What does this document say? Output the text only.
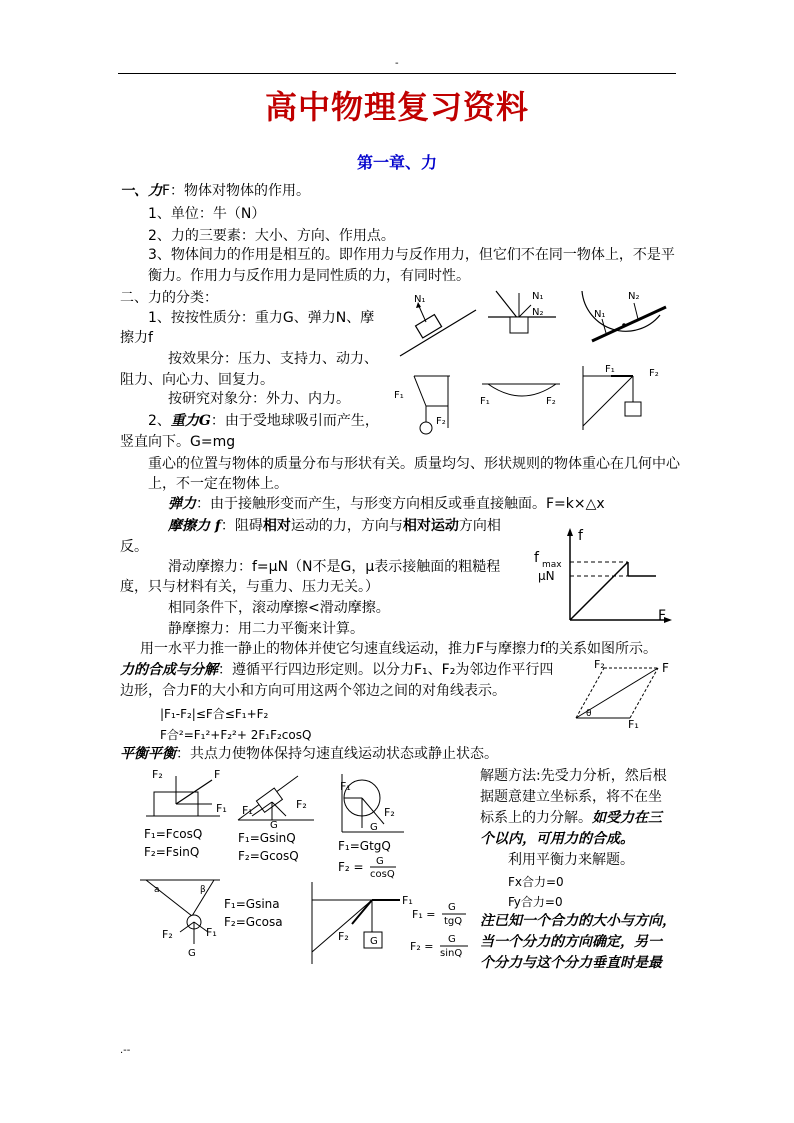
-
高中物理复习资料
第一章、力
一、力F：物体对物体的作用。
1、单位：牛（N）
2、力的三要素：大小、方向、作用点。
3、物体间力的作用是相互的。即作用力与反作用力，但它们不在同一物体上，不是平
衡力。作用力与反作用力是同性质的力，有同时性。
二、力的分类：
1、按按性质分：重力G、弹力N、摩
擦力f
按效果分：压力、支持力、动力、
阻力、向心力、回复力。
按研究对象分：外力、内力。
2、重力G：由于受地球吸引而产生，
竖直向下。G=mg
重心的位置与物体的质量分布与形状有关。质量均匀、形状规则的物体重心在几何中心
上，不一定在物体上。
弹力：由于接触形变而产生，与形变方向相反或垂直接触面。F=k×△x
摩擦力 f：阻碍相对运动的力，方向与相对运动方向相
反。
滑动摩擦力：f=μN（N不是G，μ表示接触面的粗糙程
度，只与材料有关，与重力、压力无关。）
相同条件下，滚动摩擦<滑动摩擦。
静摩擦力：用二力平衡来计算。
用一水平力推一静止的物体并使它匀速直线运动，推力F与摩擦力f的关系如图所示。
力的合成与分解：遵循平行四边形定则。以分力F₁、F₂为邻边作平行四
边形，合力F的大小和方向可用这两个邻边之间的对角线表示。
|F₁-F₂|≤F合≤F₁+F₂
F合²=F₁²+F₂²+ 2F₁F₂cosQ
平衡平衡：共点力使物体保持匀速直线运动状态或静止状态。
解题方法:先受力分析，然后根
据题意建立坐标系，将不在坐
标系上的力分解。如受力在三
个以内，可用力的合成。
利用平衡力来解题。
Fx合力=0
Fy合力=0
注已知一个合力的大小与方向，
当一个分力的方向确定，另一
个分力与这个分力垂直时是最
N₁	N₁
N₂	N₁
N₂
F₁
F₂
F₁	F₂
F₁	F₂
f
F
f max
μN
F₂	F
F₁
θ
F₂	F
F₁
F₁=FcosQ
F₂=FsinQ
G
F₁	F₂
F₁=GsinQ
F₂=GcosQ
F₁
F₂
G
F₁=GtgQ
F₂ = G
cosQ
a	β
F₂	F₁
G
F₁=Gsina
F₂=Gcosa
F₁
F₂ G
F₁ =
G
tgQ
F₂ =
G
sinQ
.--
